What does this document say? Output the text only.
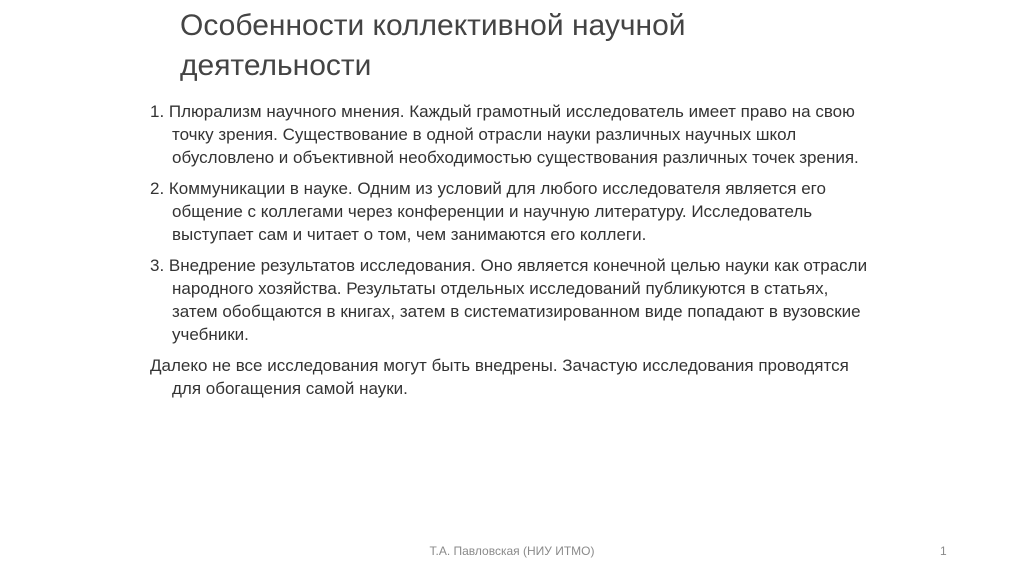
Особенности коллективной научной
деятельности

1. Плюрализм научного мнения. Каждый грамотный исследователь имеет право на свою точку зрения. Существование в одной отрасли науки различных научных школ обусловлено и объективной необходимостью существования различных точек зрения.

2. Коммуникации в науке. Одним из условий для любого исследователя является его общение с коллегами через конференции и научную литературу. Исследователь выступает сам и читает о том, чем занимаются его коллеги.

3. Внедрение результатов исследования. Оно является конечной целью науки как отрасли народного хозяйства. Результаты отдельных исследований публикуются в статьях, затем обобщаются в книгах, затем в систематизированном виде попадают в вузовские учебники.

Далеко не все исследования могут быть внедрены. Зачастую исследования проводятся для обогащения самой науки.

Т.А. Павловская (НИУ ИТМО)	1
